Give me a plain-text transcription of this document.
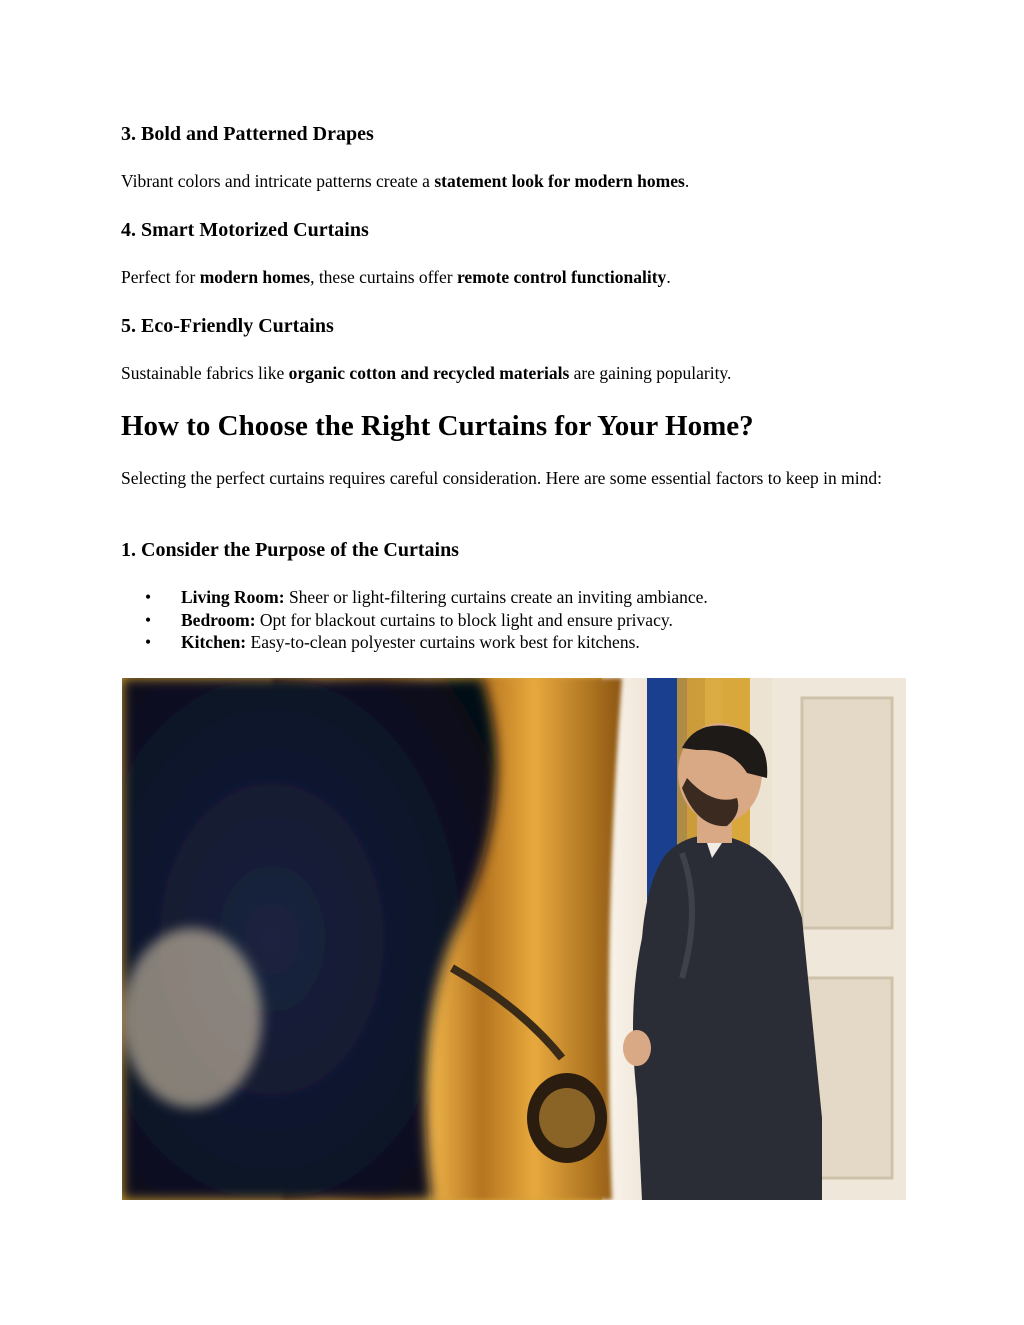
3. Bold and Patterned Drapes

Vibrant colors and intricate patterns create a statement look for modern homes.

4. Smart Motorized Curtains

Perfect for modern homes, these curtains offer remote control functionality.

5. Eco-Friendly Curtains

Sustainable fabrics like organic cotton and recycled materials are gaining popularity.

How to Choose the Right Curtains for Your Home?

Selecting the perfect curtains requires careful consideration. Here are some essential factors to keep in mind:

1. Consider the Purpose of the Curtains
• Living Room: Sheer or light-filtering curtains create an inviting ambiance.
• Bedroom: Opt for blackout curtains to block light and ensure privacy.
• Kitchen: Easy-to-clean polyester curtains work best for kitchens.
